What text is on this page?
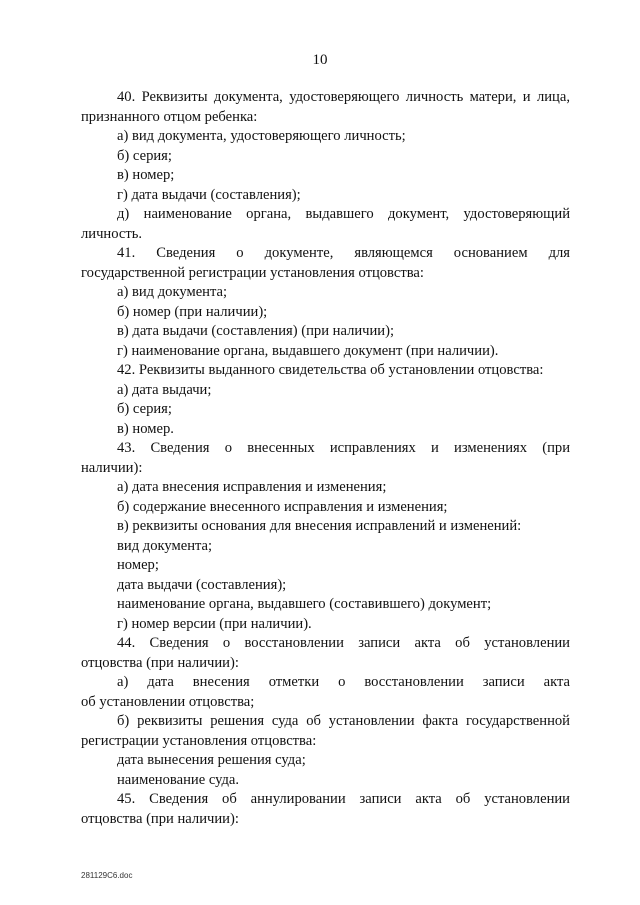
10
40. Реквизиты документа, удостоверяющего личность матери, и лица,
признанного отцом ребенка:
а) вид документа, удостоверяющего личность;
б) серия;
в) номер;
г) дата выдачи (составления);
д) наименование органа, выдавшего документ, удостоверяющий
личность.
41. Сведения о документе, являющемся основанием для
государственной регистрации установления отцовства:
а) вид документа;
б) номер (при наличии);
в) дата выдачи (составления) (при наличии);
г) наименование органа, выдавшего документ (при наличии).
42. Реквизиты выданного свидетельства об установлении отцовства:
а) дата выдачи;
б) серия;
в) номер.
43. Сведения о внесенных исправлениях и изменениях (при
наличии):
а) дата внесения исправления и изменения;
б) содержание внесенного исправления и изменения;
в) реквизиты основания для внесения исправлений и изменений:
вид документа;
номер;
дата выдачи (составления);
наименование органа, выдавшего (составившего) документ;
г) номер версии (при наличии).
44. Сведения о восстановлении записи акта об установлении
отцовства (при наличии):
а) дата внесения отметки о восстановлении записи акта
об установлении отцовства;
б) реквизиты решения суда об установлении факта государственной
регистрации установления отцовства:
дата вынесения решения суда;
наименование суда.
45. Сведения об аннулировании записи акта об установлении
отцовства (при наличии):
281129С6.doc
